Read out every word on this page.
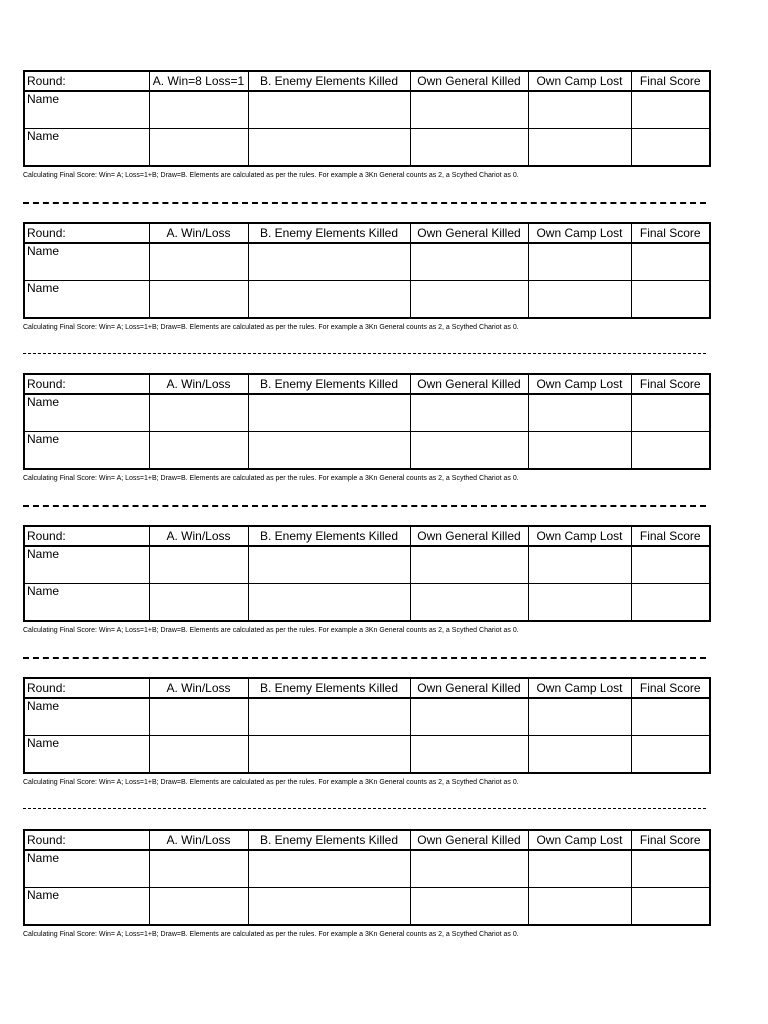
Round:	A. Win=8 Loss=1	B. Enemy Elements Killed	Own General Killed	Own Camp Lost	Final Score
Name					
Name					
Calculating Final Score: Win= A; Loss=1+B; Draw=B. Elements are calculated as per the rules. For example a 3Kn General counts as 2, a Scythed Chariot as 0.
Round:	A. Win/Loss	B. Enemy Elements Killed	Own General Killed	Own Camp Lost	Final Score
Name					
Name					
Calculating Final Score: Win= A; Loss=1+B; Draw=B. Elements are calculated as per the rules. For example a 3Kn General counts as 2, a Scythed Chariot as 0.
Round:	A. Win/Loss	B. Enemy Elements Killed	Own General Killed	Own Camp Lost	Final Score
Name					
Name					
Calculating Final Score: Win= A; Loss=1+B; Draw=B. Elements are calculated as per the rules. For example a 3Kn General counts as 2, a Scythed Chariot as 0.
Round:	A. Win/Loss	B. Enemy Elements Killed	Own General Killed	Own Camp Lost	Final Score
Name					
Name					
Calculating Final Score: Win= A; Loss=1+B; Draw=B. Elements are calculated as per the rules. For example a 3Kn General counts as 2, a Scythed Chariot as 0.
Round:	A. Win/Loss	B. Enemy Elements Killed	Own General Killed	Own Camp Lost	Final Score
Name					
Name					
Calculating Final Score: Win= A; Loss=1+B; Draw=B. Elements are calculated as per the rules. For example a 3Kn General counts as 2, a Scythed Chariot as 0.
Round:	A. Win/Loss	B. Enemy Elements Killed	Own General Killed	Own Camp Lost	Final Score
Name					
Name					
Calculating Final Score: Win= A; Loss=1+B; Draw=B. Elements are calculated as per the rules. For example a 3Kn General counts as 2, a Scythed Chariot as 0.
